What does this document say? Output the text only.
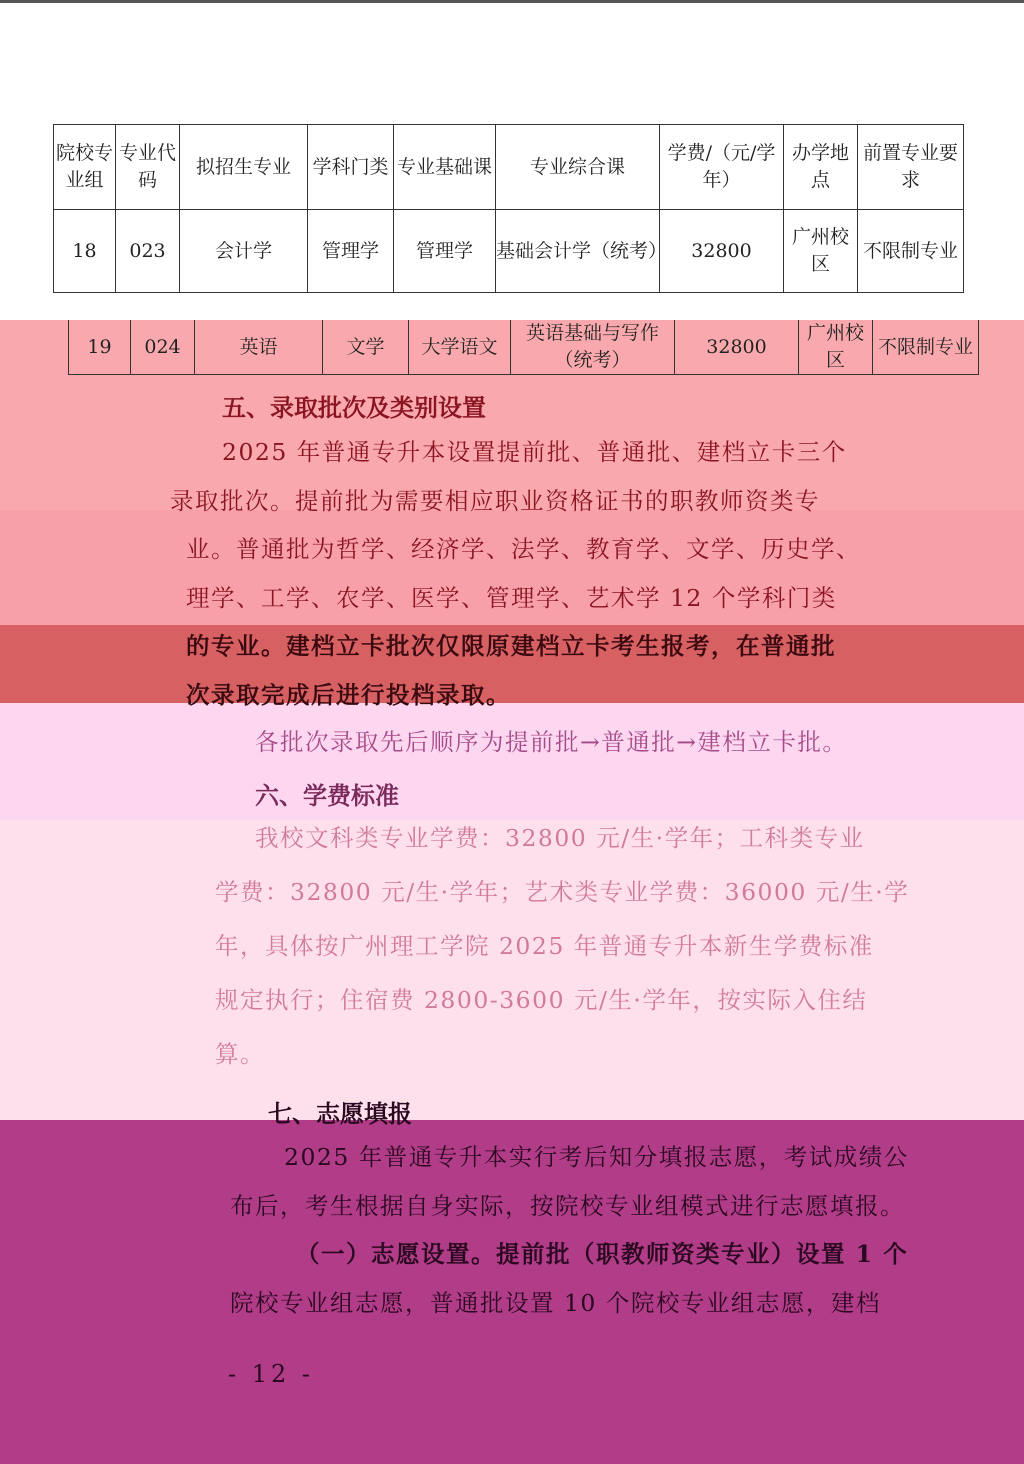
院校专业组	专业代码	拟招生专业	学科门类	专业基础课	专业综合课	学费/（元/学年）	办学地点	前置专业要求
18	023	会计学	管理学	管理学	基础会计学（统考）	32800	广州校区	不限制专业
19	024	英语	文学	大学语文	英语基础与写作（统考）	32800	广州校区	不限制专业
五、录取批次及类别设置

2025 年普通专升本设置提前批、普通批、建档立卡三个

录取批次。提前批为需要相应职业资格证书的职教师资类专

业。普通批为哲学、经济学、法学、教育学、文学、历史学、

理学、工学、农学、医学、管理学、艺术学 12 个学科门类

的专业。建档立卡批次仅限原建档立卡考生报考，在普通批

次录取完成后进行投档录取。

各批次录取先后顺序为提前批→普通批→建档立卡批。

六、学费标准

我校文科类专业学费：32800 元/生·学年；工科类专业

学费：32800 元/生·学年；艺术类专业学费：36000 元/生·学

年，具体按广州理工学院 2025 年普通专升本新生学费标准

规定执行；住宿费 2800-3600 元/生·学年，按实际入住结

算。

七、志愿填报

2025 年普通专升本实行考后知分填报志愿，考试成绩公

布后，考生根据自身实际，按院校专业组模式进行志愿填报。

（一）志愿设置。提前批（职教师资类专业）设置 1 个

院校专业组志愿，普通批设置 10 个院校专业组志愿，建档

- 12 -
